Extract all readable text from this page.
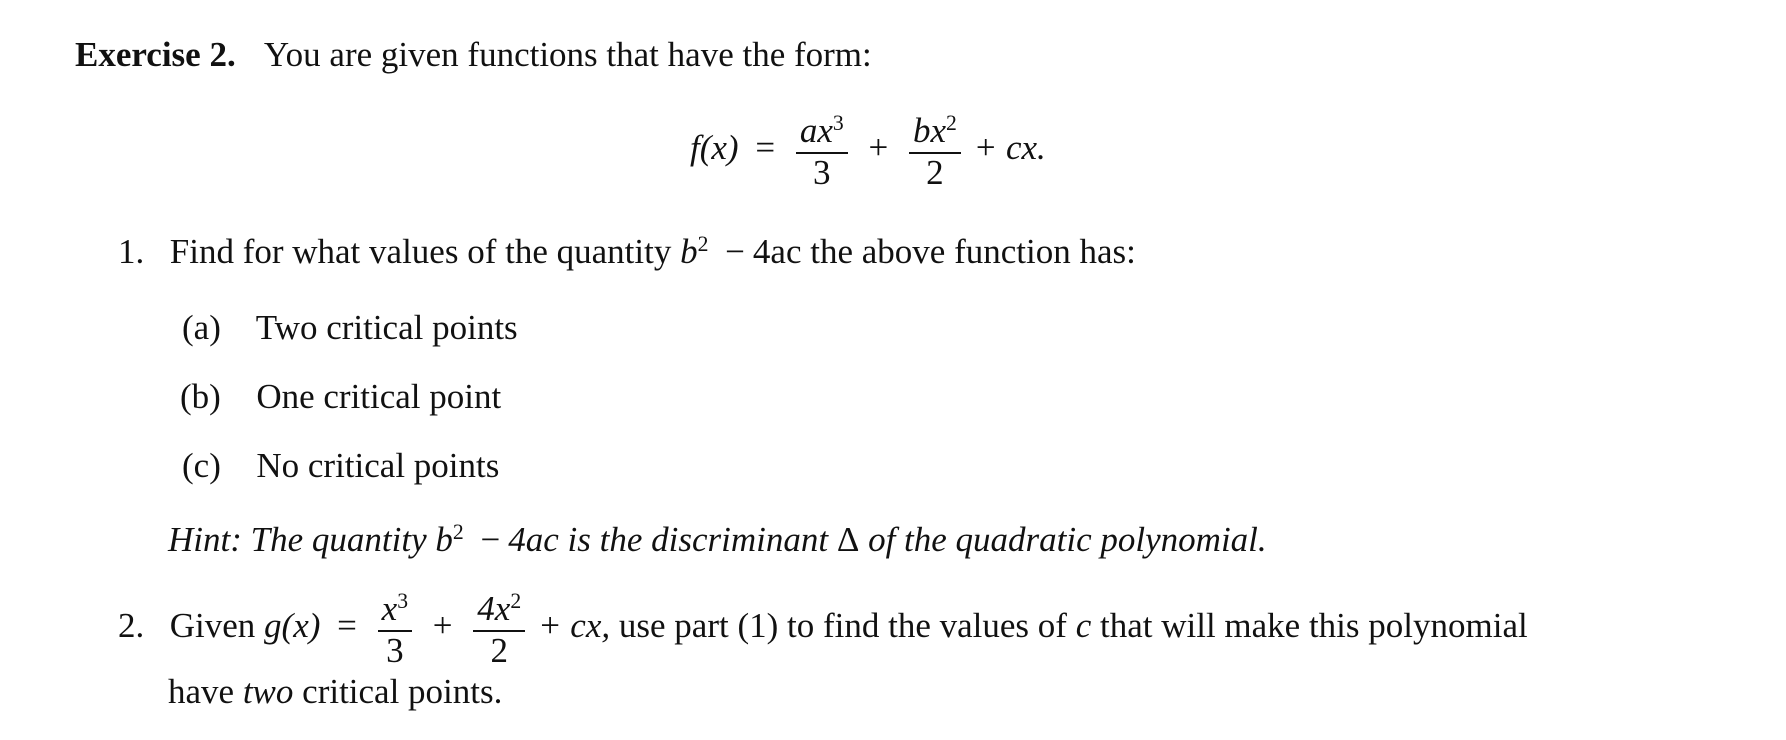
Exercise 2. You are given functions that have the form:
$f(x) = \frac{ax^3}{3} + \frac{bx^2}{2}$ + cx.
1. Find for what values of the quantity $b^2 - 4ac$ the above function has:
(a) Two critical points
(b) One critical point
(c) No critical points
Hint: The quantity $b^2 - 4ac$ is the discriminant Δ of the quadratic polynomial.
2. Given $g(x) = \frac{x^3}{3} + \frac{4x^2}{2}$ + cx, use part (1) to find the values of c that will make this polynomial
have two critical points.
